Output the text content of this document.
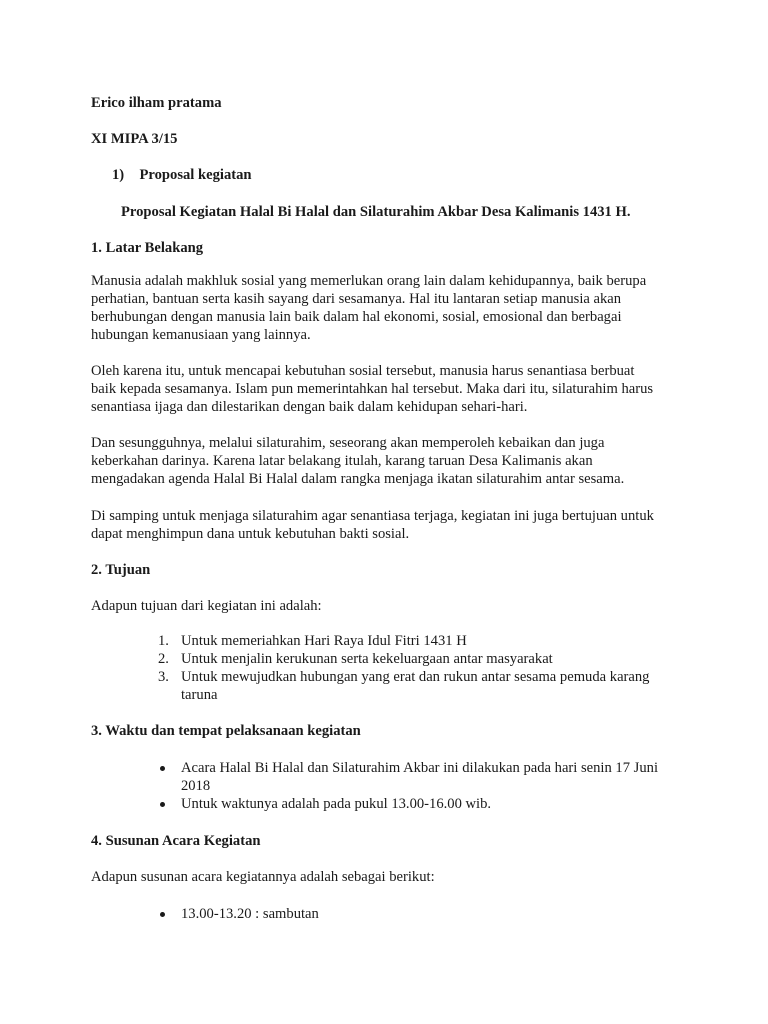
Erico ilham pratama
XI MIPA 3/15
1) Proposal kegiatan
Proposal Kegiatan Halal Bi Halal dan Silaturahim Akbar Desa Kalimanis 1431 H.
1. Latar Belakang

Manusia adalah makhluk sosial yang memerlukan orang lain dalam kehidupannya, baik berupa

perhatian, bantuan serta kasih sayang dari sesamanya. Hal itu lantaran setiap manusia akan

berhubungan dengan manusia lain baik dalam hal ekonomi, sosial, emosional dan berbagai

hubungan kemanusiaan yang lainnya.

Oleh karena itu, untuk mencapai kebutuhan sosial tersebut, manusia harus senantiasa berbuat

baik kepada sesamanya. Islam pun memerintahkan hal tersebut. Maka dari itu, silaturahim harus

senantiasa ijaga dan dilestarikan dengan baik dalam kehidupan sehari-hari.

Dan sesungguhnya, melalui silaturahim, seseorang akan memperoleh kebaikan dan juga

keberkahan darinya. Karena latar belakang itulah, karang taruan Desa Kalimanis akan

mengadakan agenda Halal Bi Halal dalam rangka menjaga ikatan silaturahim antar sesama.

Di samping untuk menjaga silaturahim agar senantiasa terjaga, kegiatan ini juga bertujuan untuk

dapat menghimpun dana untuk kebutuhan bakti sosial.

2. Tujuan
Adapun tujuan dari kegiatan ini adalah:
1. Untuk memeriahkan Hari Raya Idul Fitri 1431 H
2. Untuk menjalin kerukunan serta kekeluargaan antar masyarakat
3. Untuk mewujudkan hubungan yang erat dan rukun antar sesama pemuda karang
taruna
3. Waktu dan tempat pelaksanaan kegiatan
Acara Halal Bi Halal dan Silaturahim Akbar ini dilakukan pada hari senin 17 Juni
2018
Untuk waktunya adalah pada pukul 13.00-16.00 wib.
4. Susunan Acara Kegiatan
Adapun susunan acara kegiatannya adalah sebagai berikut:
13.00-13.20 : sambutan
